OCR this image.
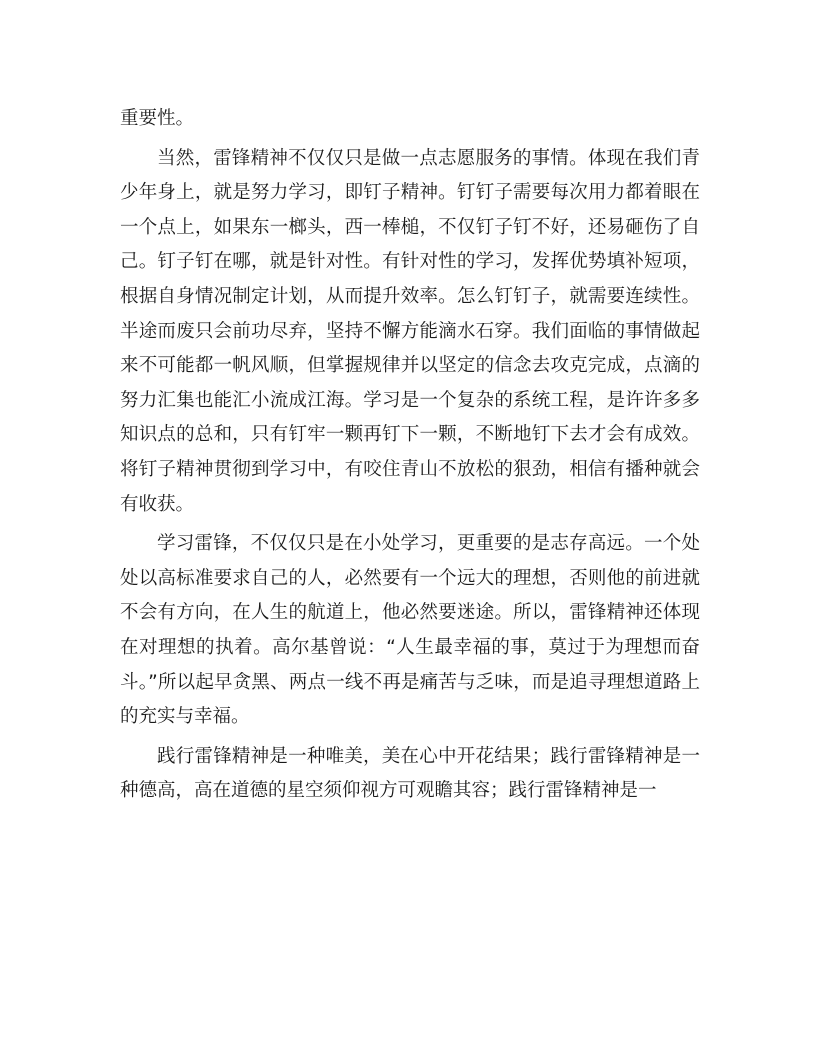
重要性。

当然，雷锋精神不仅仅只是做一点志愿服务的事情。体现在我们青少年身上，就是努力学习，即钉子精神。钉钉子需要每次用力都着眼在一个点上，如果东一榔头，西一棒槌，不仅钉子钉不好，还易砸伤了自己。钉子钉在哪，就是针对性。有针对性的学习，发挥优势填补短项，根据自身情况制定计划，从而提升效率。怎么钉钉子，就需要连续性。半途而废只会前功尽弃，坚持不懈方能滴水石穿。我们面临的事情做起来不可能都一帆风顺，但掌握规律并以坚定的信念去攻克完成，点滴的努力汇集也能汇小流成江海。学习是一个复杂的系统工程，是许许多多知识点的总和，只有钉牢一颗再钉下一颗，不断地钉下去才会有成效。将钉子精神贯彻到学习中，有咬住青山不放松的狠劲，相信有播种就会有收获。

学习雷锋，不仅仅只是在小处学习，更重要的是志存高远。一个处处以高标准要求自己的人，必然要有一个远大的理想，否则他的前进就不会有方向，在人生的航道上，他必然要迷途。所以，雷锋精神还体现在对理想的执着。高尔基曾说：“人生最幸福的事，莫过于为理想而奋斗。”所以起早贪黑、两点一线不再是痛苦与乏味，而是追寻理想道路上的充实与幸福。

践行雷锋精神是一种唯美，美在心中开花结果；践行雷锋精神是一种德高，高在道德的星空须仰视方可观瞻其容；践行雷锋精神是一
